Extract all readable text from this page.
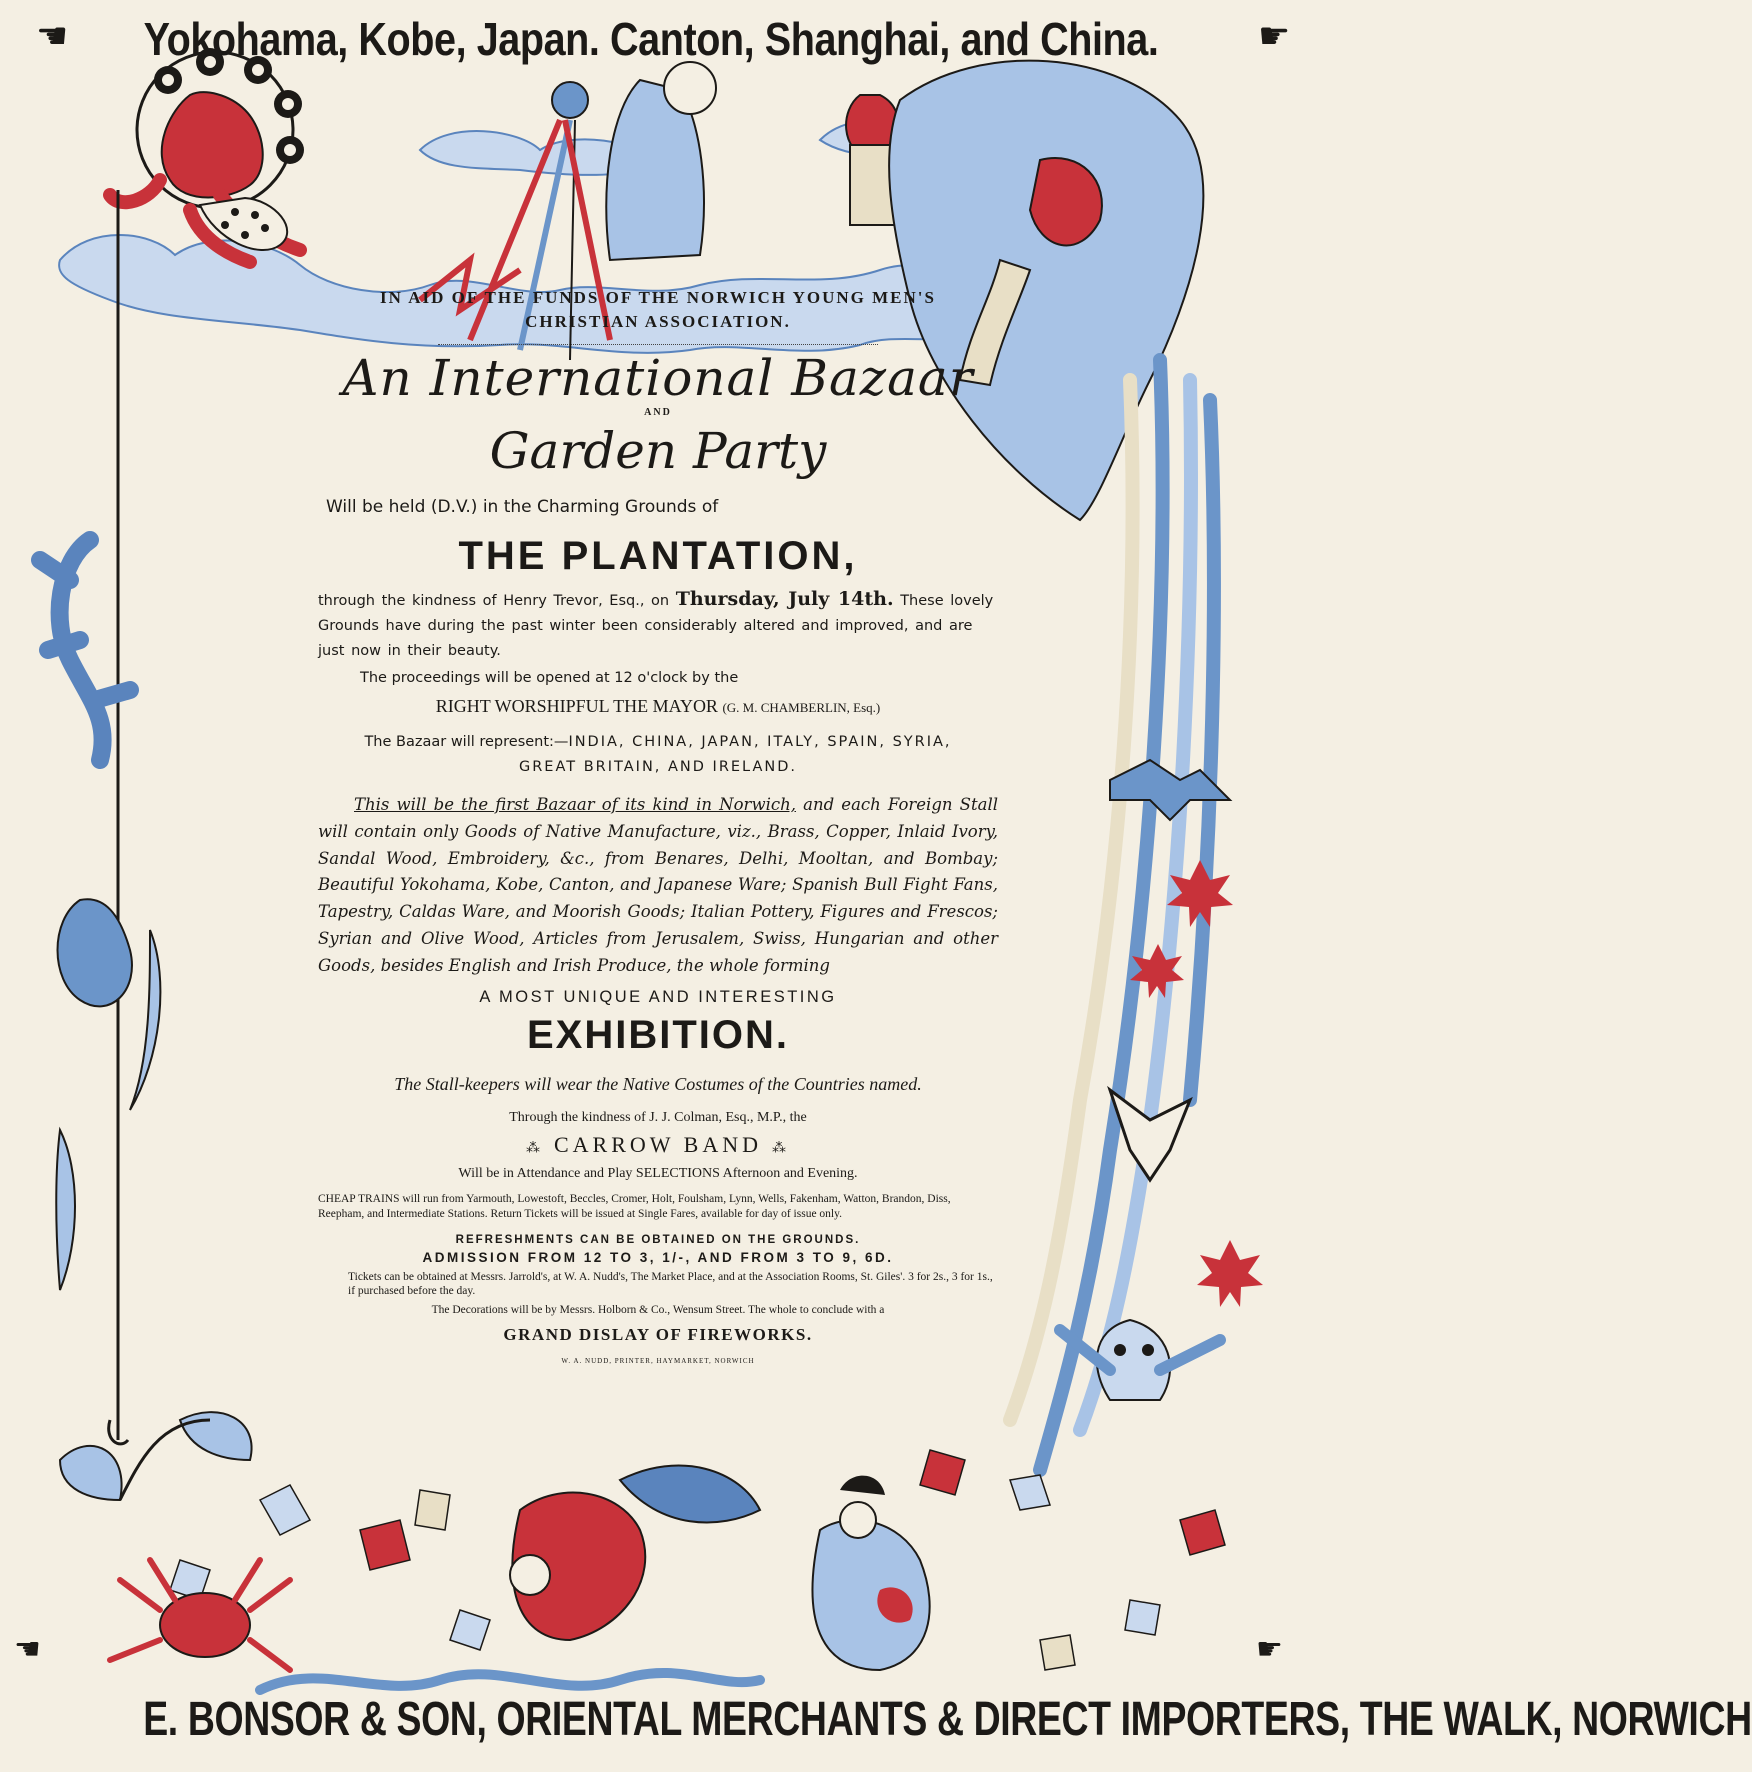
☚	☛
☚	☛
Yokohama, Kobe, Japan. Canton, Shanghai, and China.
IN AID OF THE FUNDS OF THE NORWICH YOUNG MEN'S
CHRISTIAN ASSOCIATION.
An International Bazaar
AND
Garden Party
Will be held (D.V.) in the Charming Grounds of
THE PLANTATION,

through the kindness of Henry Trevor, Esq., on Thursday, July 14th. These lovely Grounds have during the past winter been considerably altered and improved, and are just now in their beauty.

The proceedings will be opened at 12 o'clock by the
RIGHT WORSHIPFUL THE MAYOR (G. M. CHAMBERLIN, Esq.)

The Bazaar will represent:—INDIA, CHINA, JAPAN, ITALY, SPAIN, SYRIA,
GREAT BRITAIN, AND IRELAND.

This will be the first Bazaar of its kind in Norwich, and each Foreign Stall will contain only Goods of Native Manufacture, viz., Brass, Copper, Inlaid Ivory, Sandal Wood, Embroidery, &c., from Benares, Delhi, Mooltan, and Bombay; Beautiful Yokohama, Kobe, Canton, and Japanese Ware; Spanish Bull Fight Fans, Tapestry, Caldas Ware, and Moorish Goods; Italian Pottery, Figures and Frescos; Syrian and Olive Wood, Articles from Jerusalem, Swiss, Hungarian and other Goods, besides English and Irish Produce, the whole forming

A MOST UNIQUE AND INTERESTING
EXHIBITION.
The Stall-keepers will wear the Native Costumes of the Countries named.
Through the kindness of J. J. Colman, Esq., M.P., the
⁂ CARROW BAND ⁂
Will be in Attendance and Play SELECTIONS Afternoon and Evening.

CHEAP TRAINS will run from Yarmouth, Lowestoft, Beccles, Cromer, Holt, Foulsham, Lynn, Wells, Fakenham, Watton, Brandon, Diss, Reepham, and Intermediate Stations. Return Tickets will be issued at Single Fares, available for day of issue only.

REFRESHMENTS CAN BE OBTAINED ON THE GROUNDS.
ADMISSION FROM 12 TO 3, 1/-, AND FROM 3 TO 9, 6D.

Tickets can be obtained at Messrs. Jarrold's, at W. A. Nudd's, The Market Place, and at the Association Rooms, St. Giles'. 3 for 2s., 3 for 1s., if purchased before the day.

The Decorations will be by Messrs. Holborn & Co., Wensum Street. The whole to conclude with a
GRAND DISLAY OF FIREWORKS.
W. A. NUDD, PRINTER, HAYMARKET, NORWICH
E. BONSOR & SON, ORIENTAL MERCHANTS & DIRECT IMPORTERS, THE WALK, NORWICH
